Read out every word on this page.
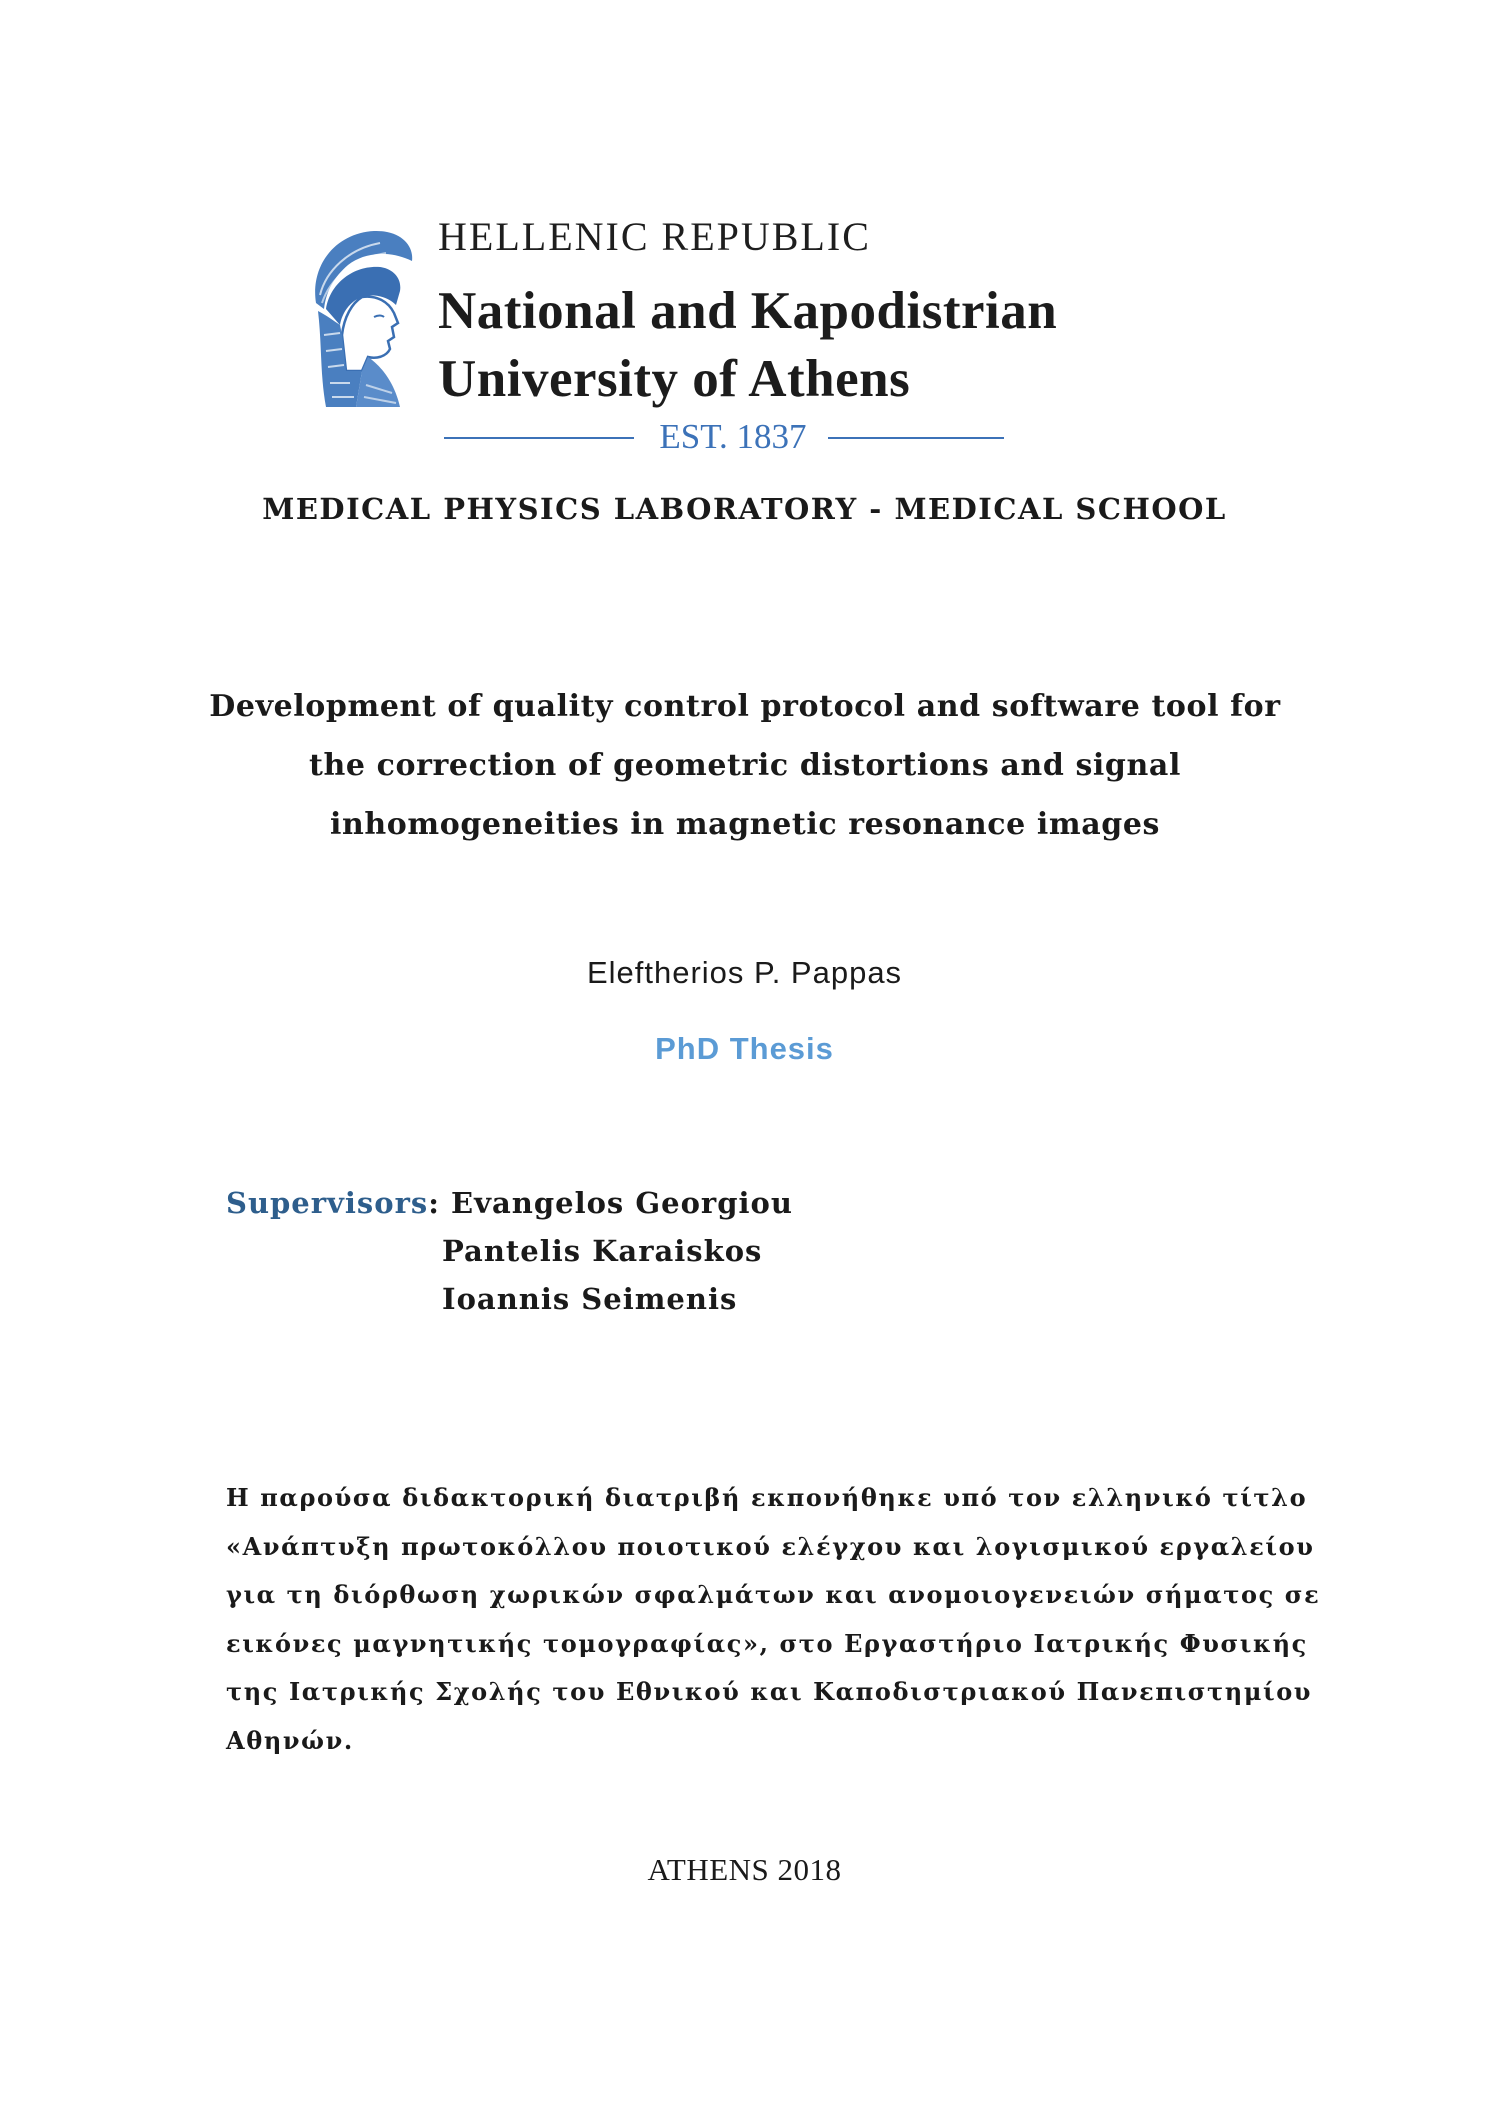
HELLENIC REPUBLIC
National and Kapodistrian
University of Athens
EST. 1837
MEDICAL PHYSICS LABORATORY - MEDICAL SCHOOL
Development of quality control protocol and software tool for
the correction of geometric distortions and signal
inhomogeneities in magnetic resonance images
Eleftherios P. Pappas
PhD Thesis
Supervisors: Evangelos Georgiou
Pantelis Karaiskos
Ioannis Seimenis
Η παρούσα διδακτορική διατριβή εκπονήθηκε υπό τον ελληνικό τίτλο
«Ανάπτυξη πρωτοκόλλου ποιοτικού ελέγχου και λογισμικού εργαλείου
για τη διόρθωση χωρικών σφαλμάτων και ανομοιογενειών σήματος σε
εικόνες μαγνητικής τομογραφίας», στο Εργαστήριο Ιατρικής Φυσικής
της Ιατρικής Σχολής του Εθνικού και Καποδιστριακού Πανεπιστημίου
Αθηνών.
ATHENS 2018
